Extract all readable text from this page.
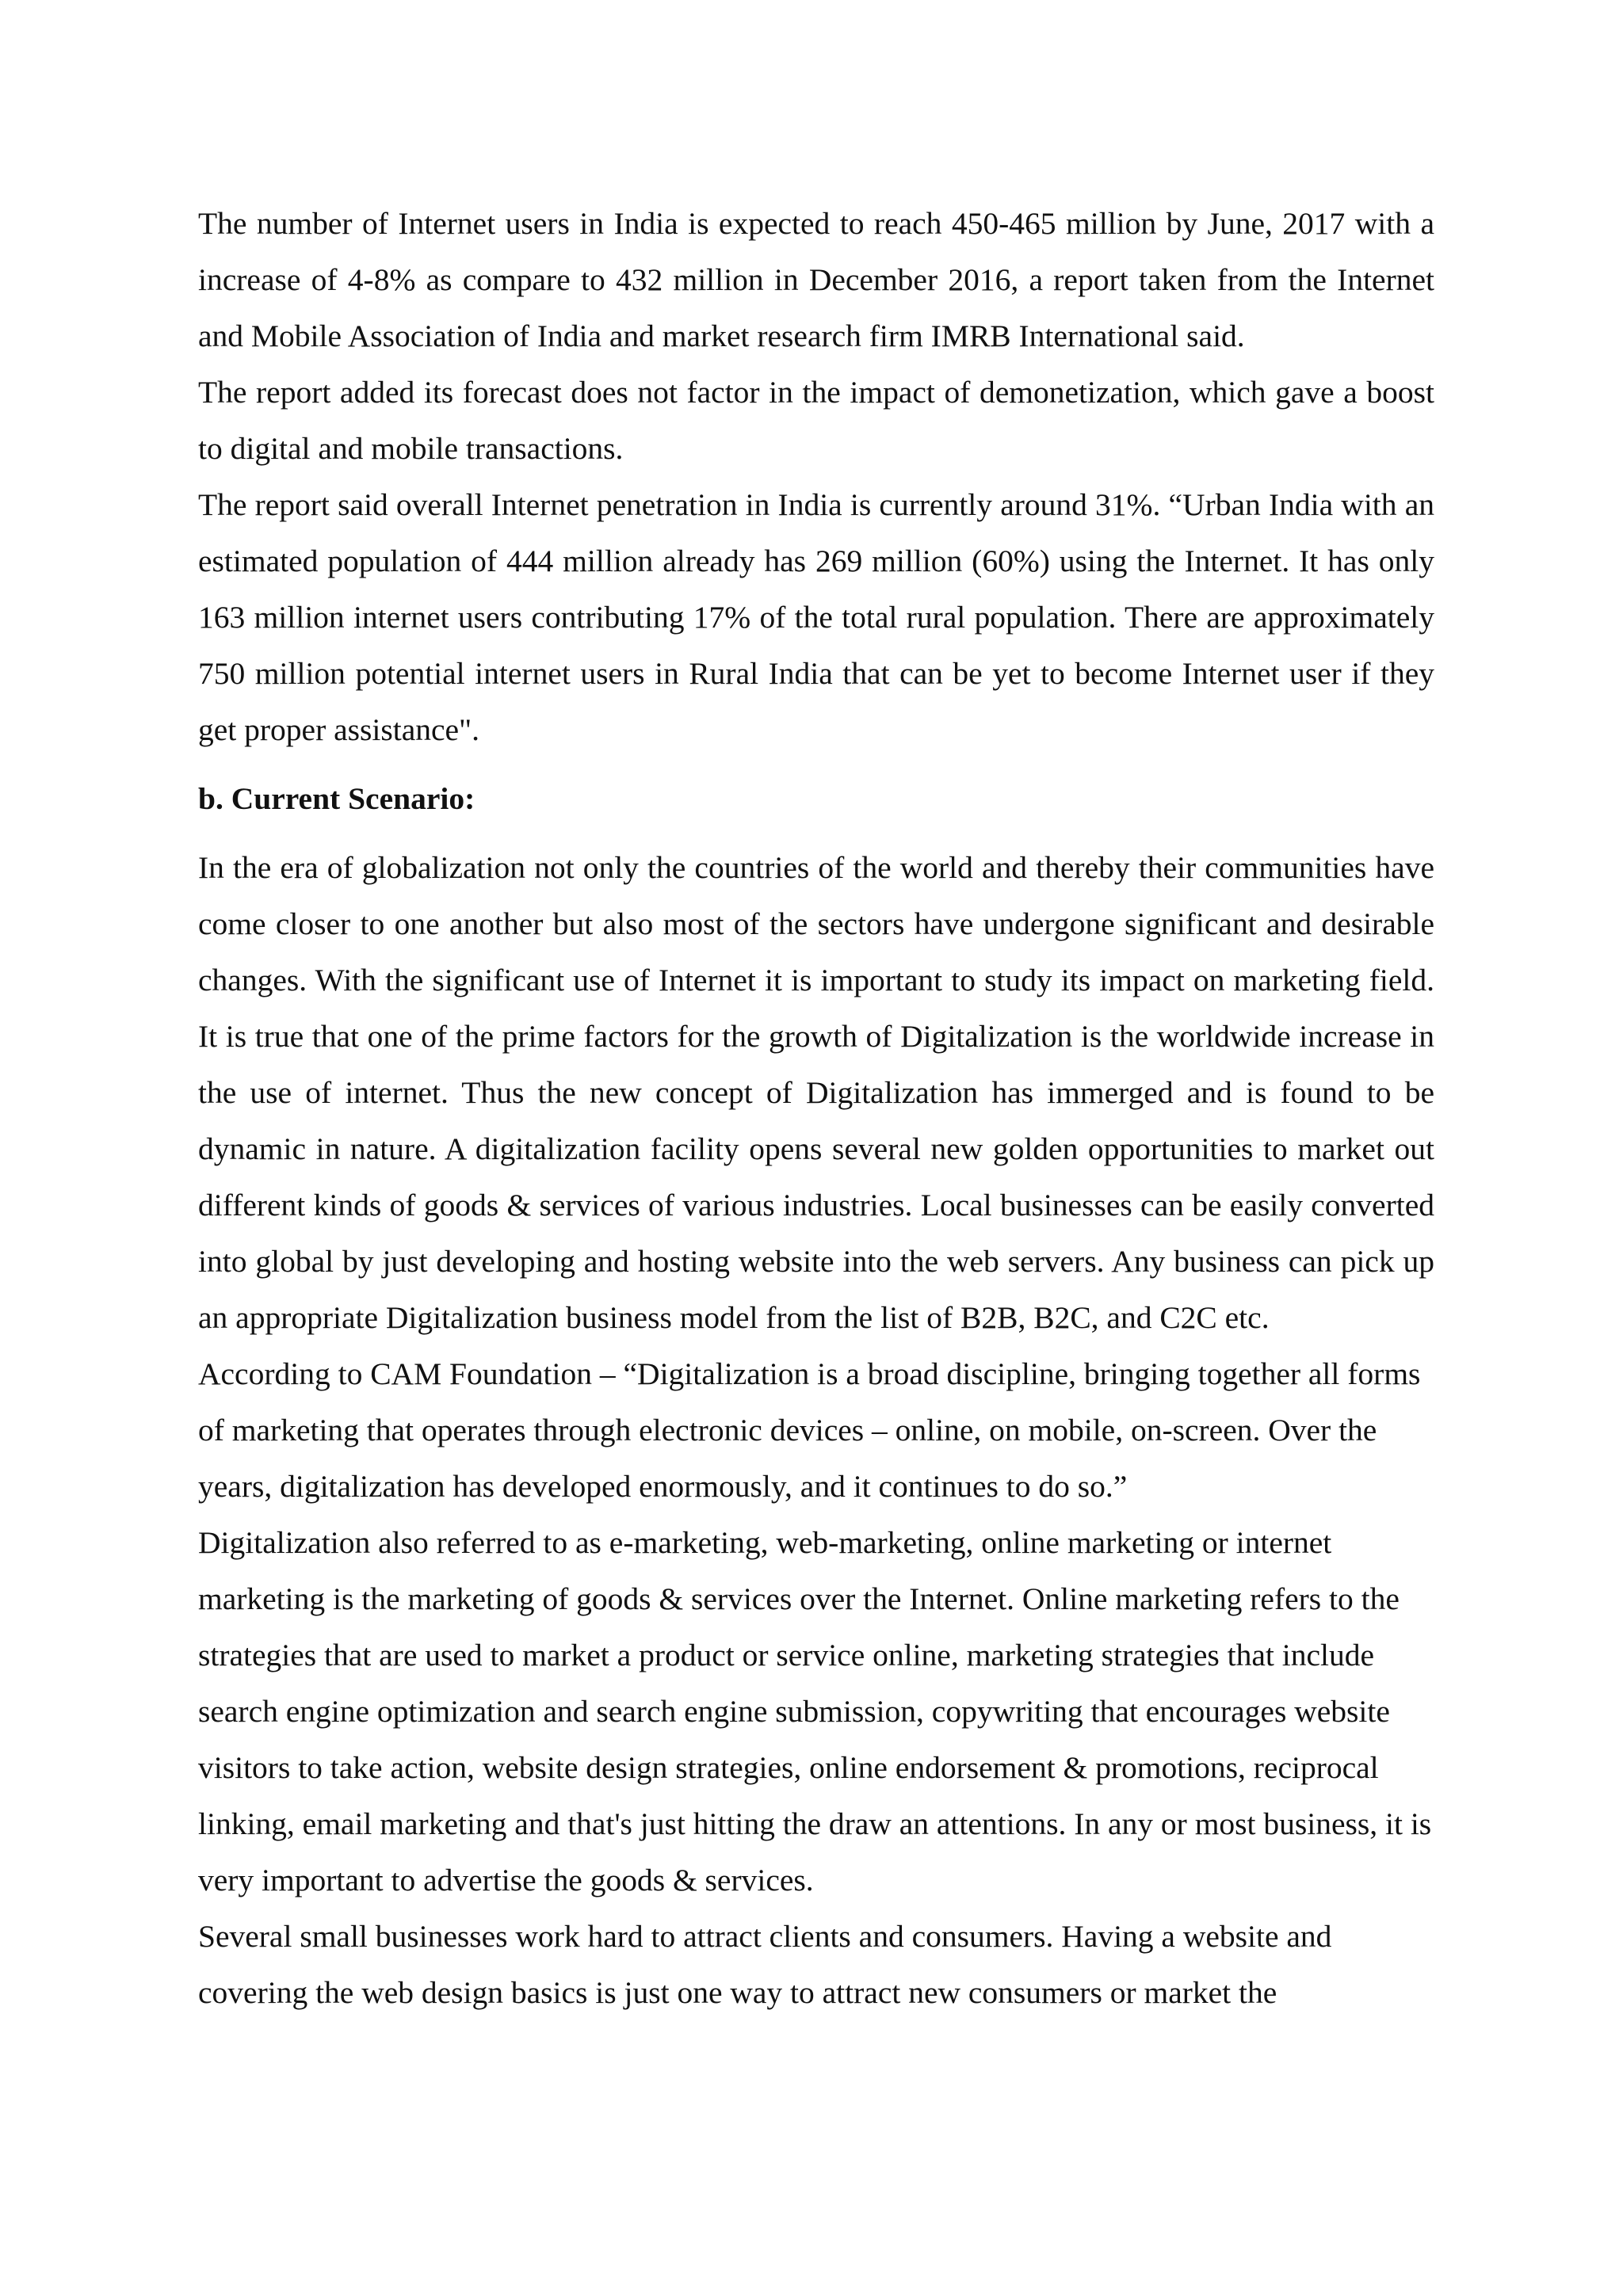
The number of Internet users in India is expected to reach 450-465 million by June, 2017 with a increase of 4-8% as compare to 432 million in December 2016, a report taken from the Internet and Mobile Association of India and market research firm IMRB International said.

The report added its forecast does not factor in the impact of demonetization, which gave a boost to digital and mobile transactions.

The report said overall Internet penetration in India is currently around 31%. “Urban India with an estimated population of 444 million already has 269 million (60%) using the Internet. It has only 163 million internet users contributing 17% of the total rural population. There are approximately 750 million potential internet users in Rural India that can be yet to become Internet user if they get proper assistance".

b. Current Scenario:

In the era of globalization not only the countries of the world and thereby their communities have come closer to one another but also most of the sectors have undergone significant and desirable changes. With the significant use of Internet it is important to study its impact on marketing field. It is true that one of the prime factors for the growth of Digitalization is the worldwide increase in the use of internet. Thus the new concept of Digitalization has immerged and is found to be dynamic in nature. A digitalization facility opens several new golden opportunities to market out different kinds of goods & services of various industries. Local businesses can be easily converted into global by just developing and hosting website into the web servers. Any business can pick up an appropriate Digitalization business model from the list of B2B, B2C, and C2C etc.

According to CAM Foundation – “Digitalization is a broad discipline, bringing together all forms of marketing that operates through electronic devices – online, on mobile, on-screen. Over the years, digitalization has developed enormously, and it continues to do so.”

Digitalization also referred to as e-marketing, web-marketing, online marketing or internet marketing is the marketing of goods & services over the Internet. Online marketing refers to the strategies that are used to market a product or service online, marketing strategies that include search engine optimization and search engine submission, copywriting that encourages website visitors to take action, website design strategies, online endorsement & promotions, reciprocal linking, email marketing and that's just hitting the draw an attentions. In any or most business, it is very important to advertise the goods & services.

Several small businesses work hard to attract clients and consumers. Having a website and covering the web design basics is just one way to attract new consumers or market the
